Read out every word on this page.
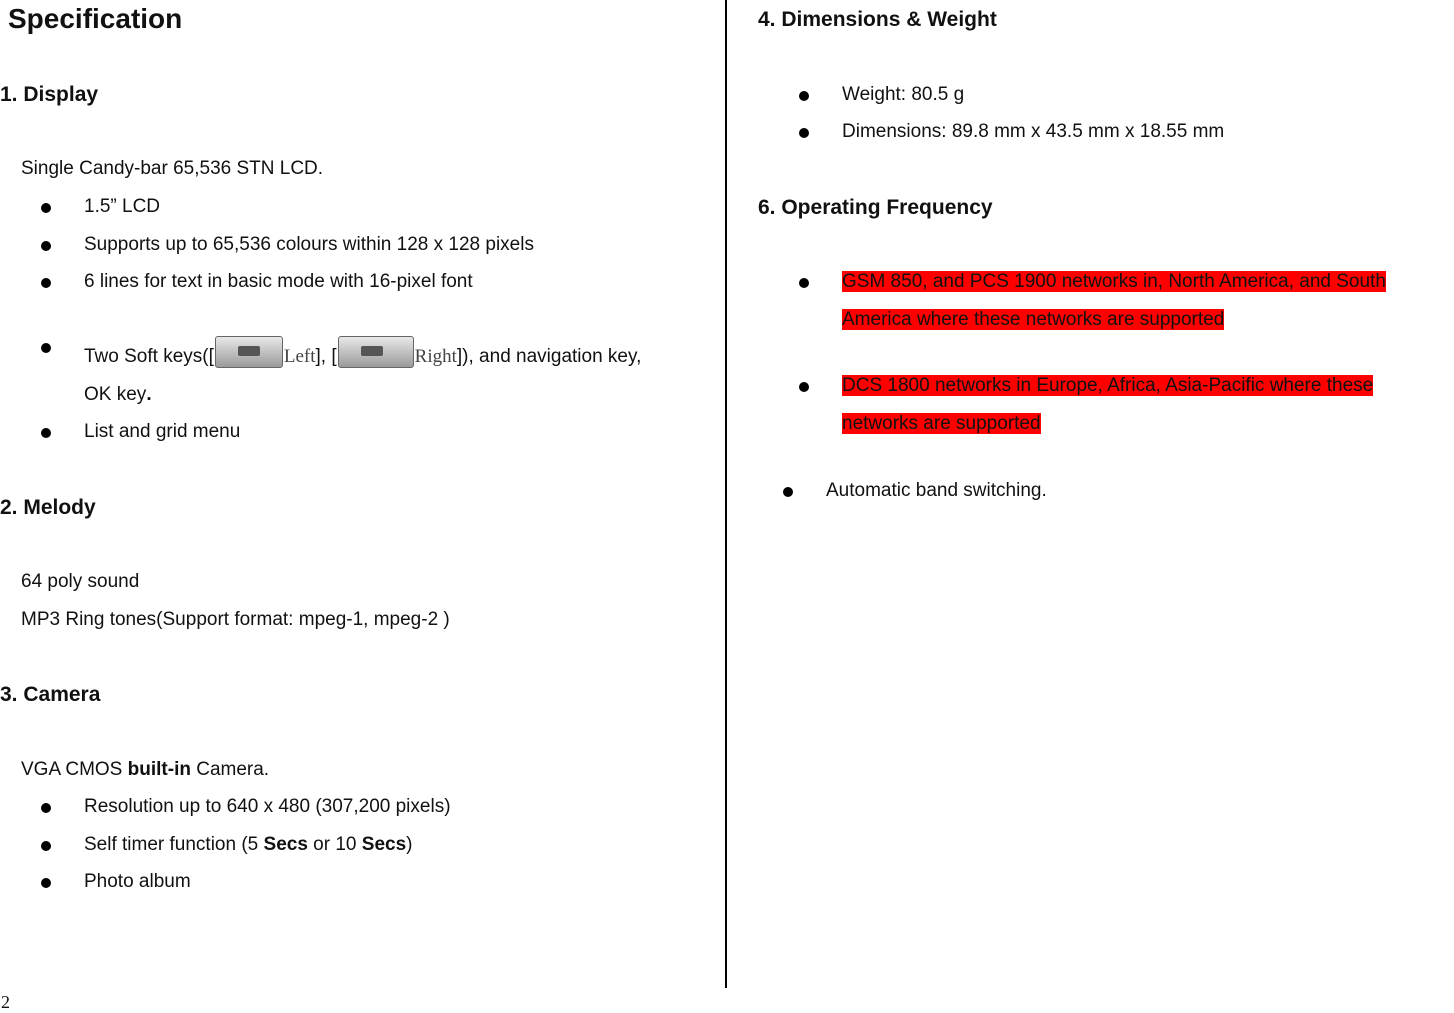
Specification
1. Display
Single Candy-bar 65,536 STN LCD.
1.5” LCD
Supports up to 65,536 colours within 128 x 128 pixels
6 lines for text in basic mode with 16-pixel font
Two Soft keys([	Left], [	Right]), and navigation key,
OK key.
List and grid menu
2. Melody
64 poly sound
MP3 Ring tones(Support format: mpeg-1, mpeg-2 )
3. Camera
VGA CMOS built-in Camera.
Resolution up to 640 x 480 (307,200 pixels)
Self timer function (5 Secs or 10 Secs)
Photo album
2
4. Dimensions & Weight
Weight: 80.5 g
Dimensions: 89.8 mm x 43.5 mm x 18.55 mm
6. Operating Frequency
GSM 850, and PCS 1900 networks in, North America, and South
America where these networks are supported
DCS 1800 networks in Europe, Africa, Asia-Pacific where these
networks are supported
Automatic band switching.
